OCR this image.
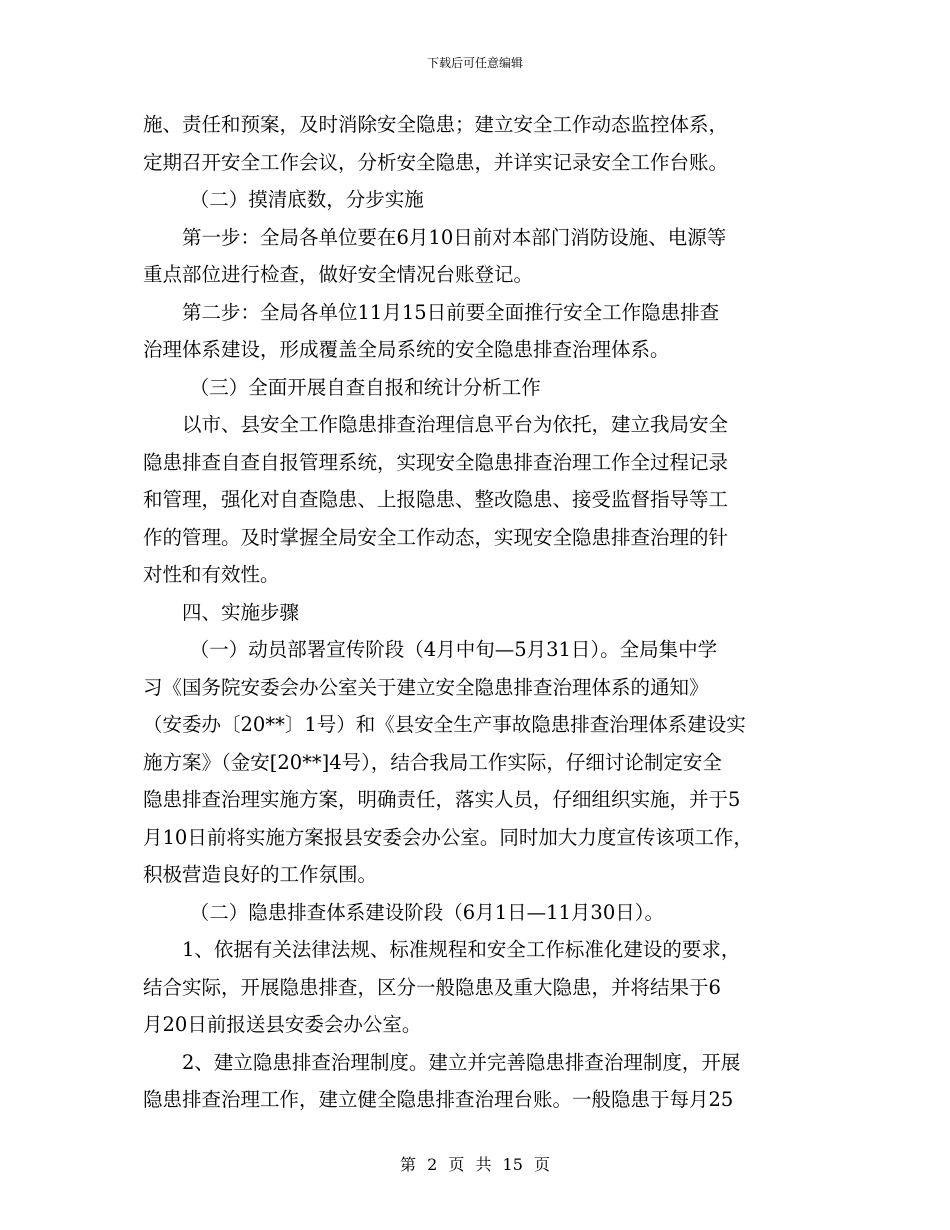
下载后可任意编辑

施、责任和预案，及时消除安全隐患；建立安全工作动态监控体系，

定期召开安全工作会议，分析安全隐患，并详实记录安全工作台账。

（二）摸清底数，分步实施

第一步：全局各单位要在6月10日前对本部门消防设施、电源等

重点部位进行检查，做好安全情况台账登记。

第二步：全局各单位11月15日前要全面推行安全工作隐患排查

治理体系建设，形成覆盖全局系统的安全隐患排查治理体系。

（三）全面开展自查自报和统计分析工作

以市、县安全工作隐患排查治理信息平台为依托，建立我局安全

隐患排查自查自报管理系统，实现安全隐患排查治理工作全过程记录

和管理，强化对自查隐患、上报隐患、整改隐患、接受监督指导等工

作的管理。及时掌握全局安全工作动态，实现安全隐患排查治理的针

对性和有效性。

四、实施步骤

（一）动员部署宣传阶段（4月中旬—5月31日）。全局集中学

习《国务院安委会办公室关于建立安全隐患排查治理体系的通知》

（安委办〔20**〕1号）和《县安全生产事故隐患排查治理体系建设实

施方案》（金安[20**]4号），结合我局工作实际，仔细讨论制定安全

隐患排查治理实施方案，明确责任，落实人员，仔细组织实施，并于5

月10日前将实施方案报县安委会办公室。同时加大力度宣传该项工作，

积极营造良好的工作氛围。

（二）隐患排查体系建设阶段（6月1日—11月30日）。

1、依据有关法律法规、标准规程和安全工作标准化建设的要求，

结合实际，开展隐患排查，区分一般隐患及重大隐患，并将结果于6

月20日前报送县安委会办公室。

2、建立隐患排查治理制度。建立并完善隐患排查治理制度，开展

隐患排查治理工作，建立健全隐患排查治理台账。一般隐患于每月25

第 2 页 共 15 页
